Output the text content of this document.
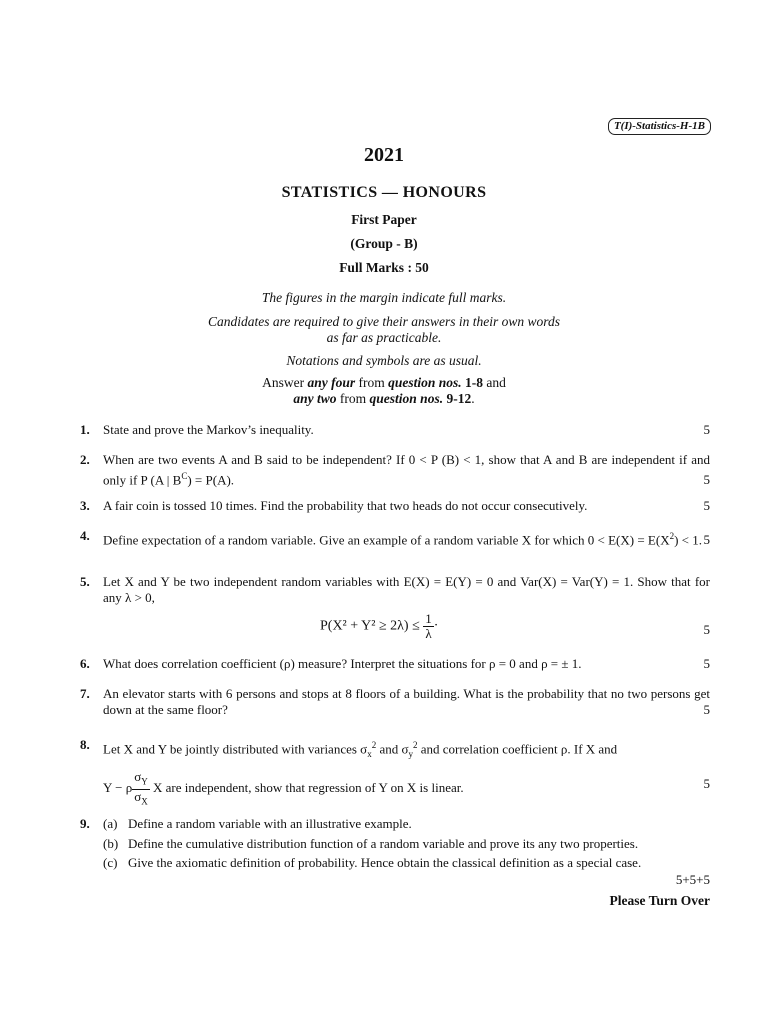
T(I)-Statistics-H-1B
2021
STATISTICS — HONOURS
First Paper
(Group - B)
Full Marks : 50
The figures in the margin indicate full marks.
Candidates are required to give their answers in their own words
as far as practicable.
Notations and symbols are as usual.
Answer any four from question nos. 1-8 and
any two from question nos. 9-12.
1.	State and prove the Markov’s inequality.	5
2.	When are two events A and B said to be independent? If 0 < P (B) < 1, show that A and B are independent if and only if P (A | $B^C) = P(A)$.	5
3.	A fair coin is tossed 10 times. Find the probability that two heads do not occur consecutively.	5
4.	Define expectation of a random variable. Give an example of a random variable X for which $0 < E(X) = E(X^2) < 1$. 5
5.	Let X and Y be two independent random variables with E(X) = E(Y) = 0 and Var(X) = Var(Y) = 1. Show that for any λ > 0,
$P(X^2 + Y^2 \ge 2\lambda) \le \frac{1}{\lambda}$ ·	5
6.	What does correlation coefficient (ρ) measure? Interpret the situations for ρ = 0 and ρ = ± 1.	5
7.	An elevator starts with 6 persons and stops at 8 floors of a building. What is the probability that no two persons get down at the same floor?	5
8.	Let X and Y be jointly distributed with variances $\sigma_x^2$ and $\sigma_y^2$ and correlation coefficient ρ. If X and
Y − ρ $\frac{\sigma_Y}{\sigma_X}$ X are independent, show that regression of Y on X is linear.	5
9.	(a) Define a random variable with an illustrative example.
(b) Define the cumulative distribution function of a random variable and prove its any two properties.
(c) Give the axiomatic definition of probability. Hence obtain the classical definition as a special case.
5+5+5
Please Turn Over
